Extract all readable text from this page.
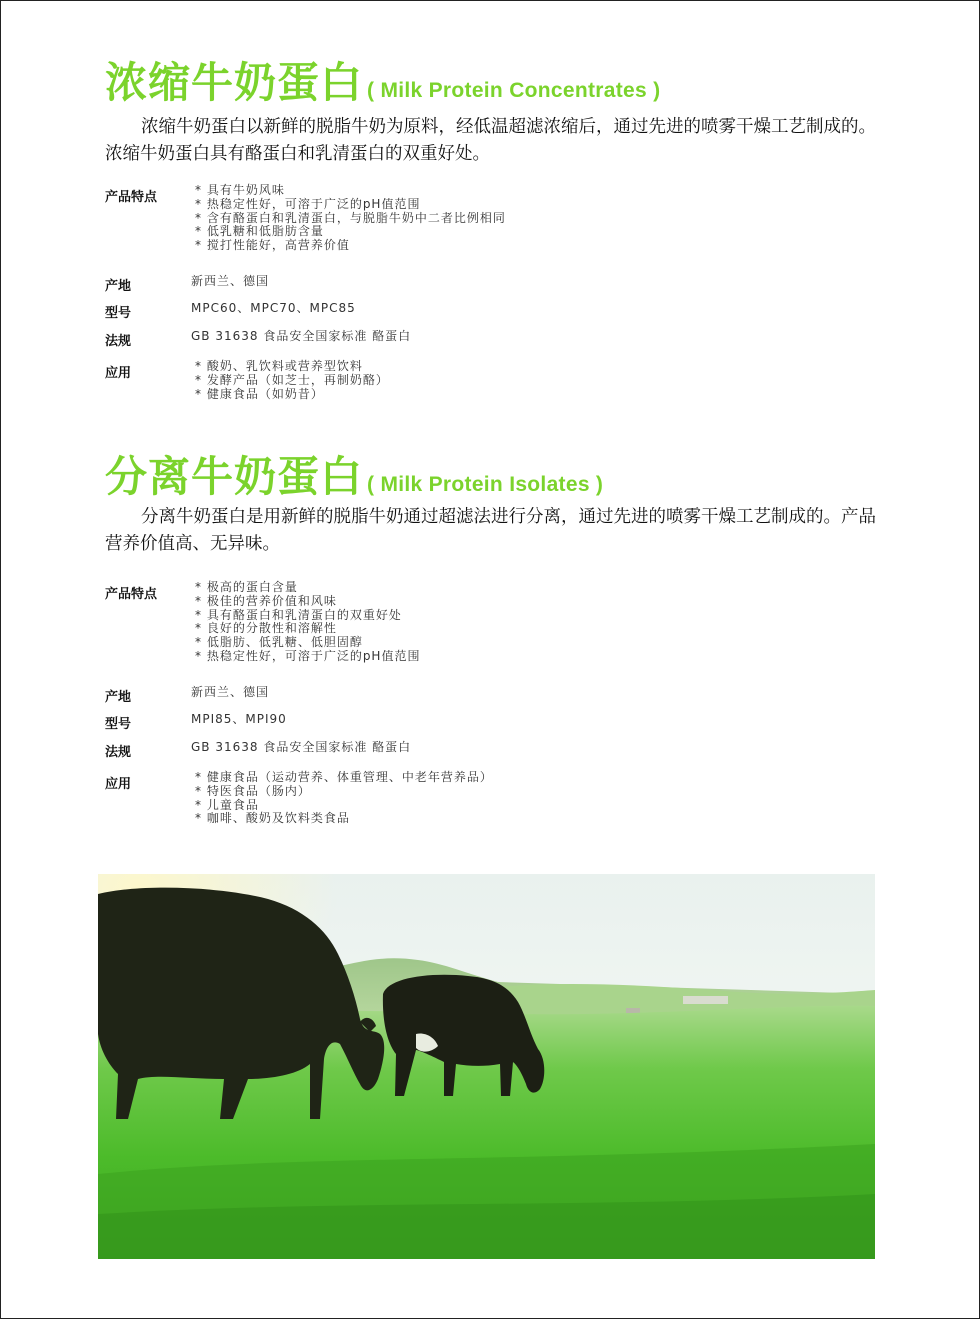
浓缩牛奶蛋白 ( Milk Protein Concentrates )

浓缩牛奶蛋白以新鲜的脱脂牛奶为原料，经低温超滤浓缩后，通过先进的喷雾干燥工艺制成的。浓缩牛奶蛋白具有酪蛋白和乳清蛋白的双重好处。

产品特点	* 具有牛奶风味
* 热稳定性好，可溶于广泛的pH值范围
* 含有酪蛋白和乳清蛋白，与脱脂牛奶中二者比例相同
* 低乳糖和低脂肪含量
* 搅打性能好，高营养价值
产地	新西兰、德国
型号	MPC60、MPC70、MPC85
法规	GB 31638 食品安全国家标准 酪蛋白
应用	* 酸奶、乳饮料或营养型饮料
* 发酵产品（如芝士，再制奶酪）
* 健康食品（如奶昔）
分离牛奶蛋白 ( Milk Protein Isolates )

分离牛奶蛋白是用新鲜的脱脂牛奶通过超滤法进行分离，通过先进的喷雾干燥工艺制成的。产品营养价值高、无异味。

产品特点	* 极高的蛋白含量
* 极佳的营养价值和风味
* 具有酪蛋白和乳清蛋白的双重好处
* 良好的分散性和溶解性
* 低脂肪、低乳糖、低胆固醇
* 热稳定性好，可溶于广泛的pH值范围
产地	新西兰、德国
型号	MPI85、MPI90
法规	GB 31638 食品安全国家标准 酪蛋白
应用	* 健康食品（运动营养、体重管理、中老年营养品）
* 特医食品（肠内）
* 儿童食品
* 咖啡、酸奶及饮料类食品
